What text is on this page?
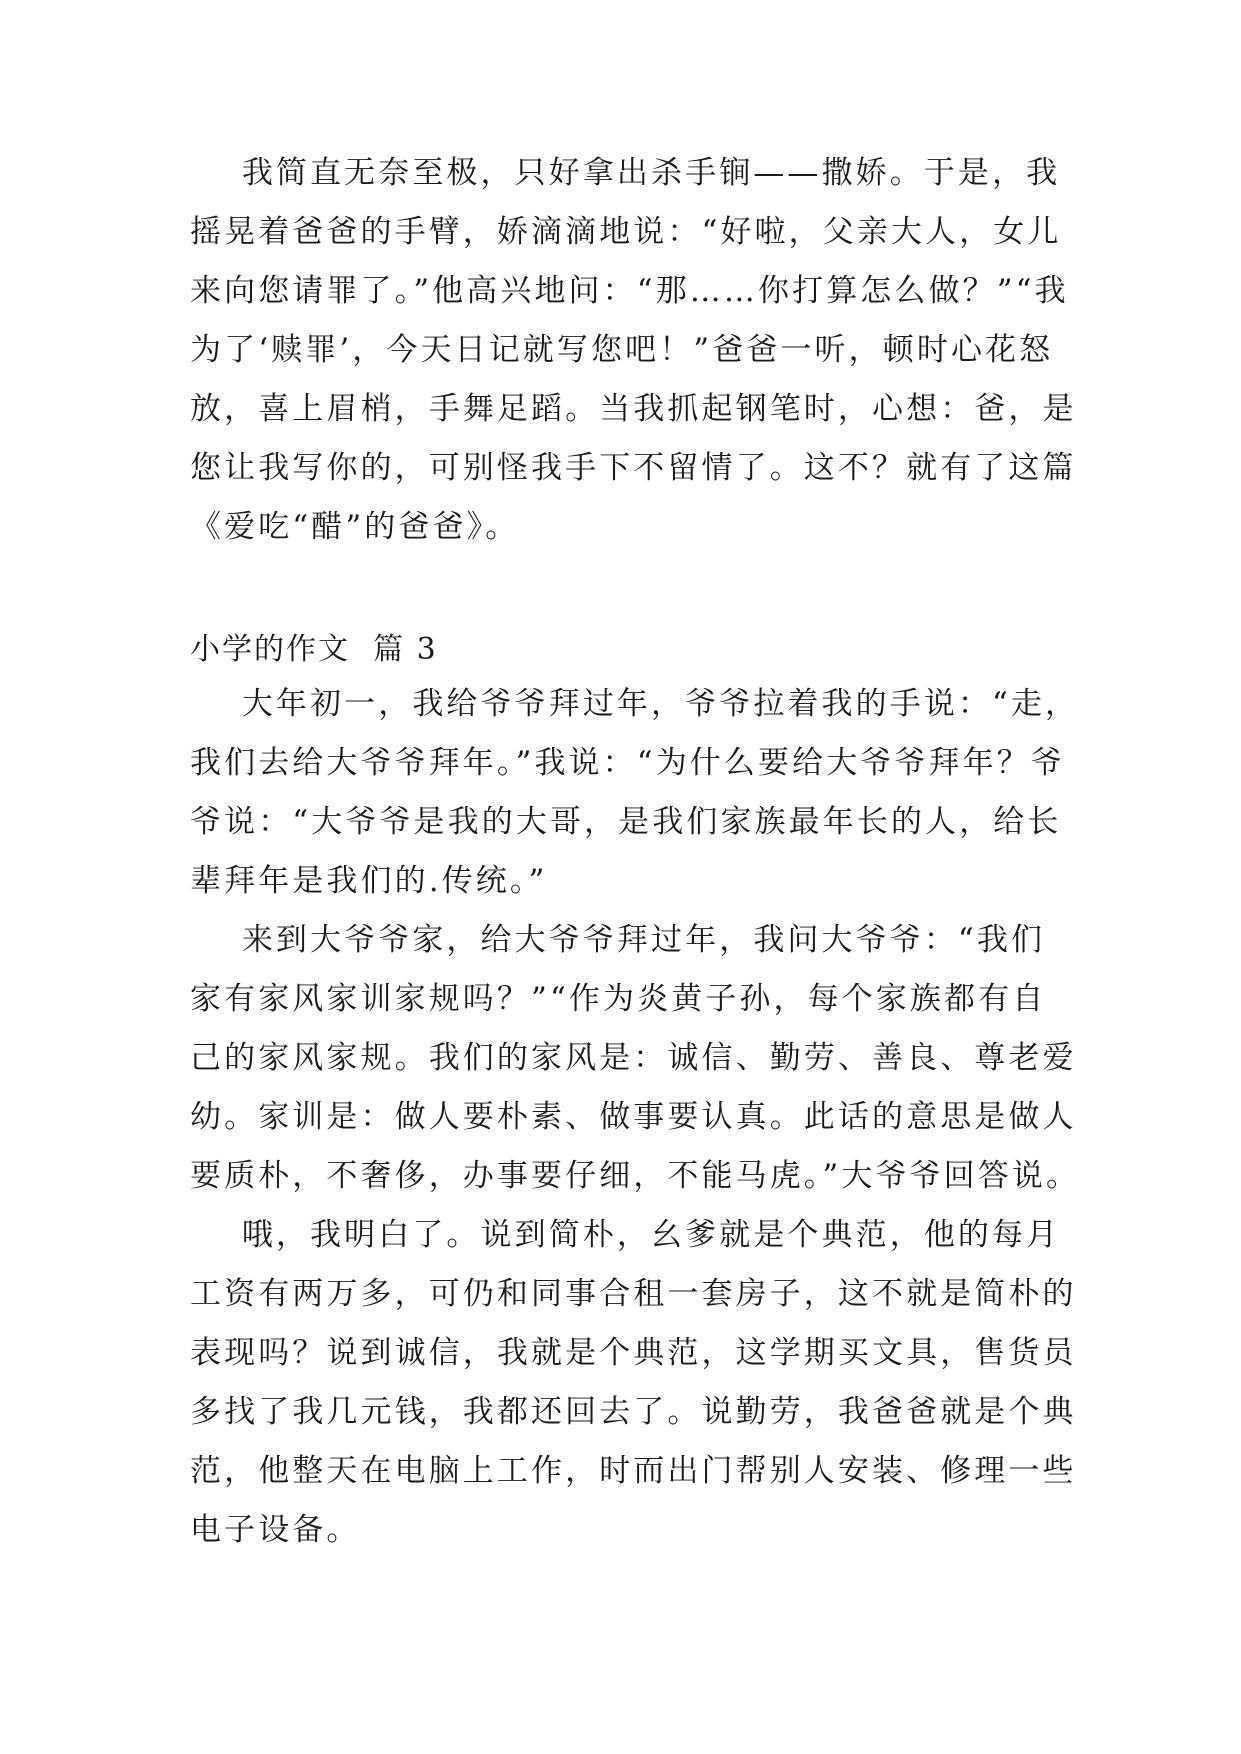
我简直无奈至极，只好拿出杀手锏——撒娇。于是，我
摇晃着爸爸的手臂，娇滴滴地说：“好啦，父亲大人，女儿
来向您请罪了。”他高兴地问：“那……你打算怎么做？”“我
为了‘赎罪’，今天日记就写您吧！”爸爸一听，顿时心花怒
放，喜上眉梢，手舞足蹈。当我抓起钢笔时，心想：爸，是
您让我写你的，可别怪我手下不留情了。这不？就有了这篇
《爱吃“醋”的爸爸》。
小学的作文  篇 3
大年初一，我给爷爷拜过年，爷爷拉着我的手说：“走，
我们去给大爷爷拜年。”我说：“为什么要给大爷爷拜年？爷
爷说：“大爷爷是我的大哥，是我们家族最年长的人，给长
辈拜年是我们的.传统。”
来到大爷爷家，给大爷爷拜过年，我问大爷爷：“我们
家有家风家训家规吗？”“作为炎黄子孙，每个家族都有自
己的家风家规。我们的家风是：诚信、勤劳、善良、尊老爱
幼。家训是：做人要朴素、做事要认真。此话的意思是做人
要质朴，不奢侈，办事要仔细，不能马虎。”大爷爷回答说。
哦，我明白了。说到简朴，幺爹就是个典范，他的每月
工资有两万多，可仍和同事合租一套房子，这不就是简朴的
表现吗？说到诚信，我就是个典范，这学期买文具，售货员
多找了我几元钱，我都还回去了。说勤劳，我爸爸就是个典
范，他整天在电脑上工作，时而出门帮别人安装、修理一些
电子设备。
